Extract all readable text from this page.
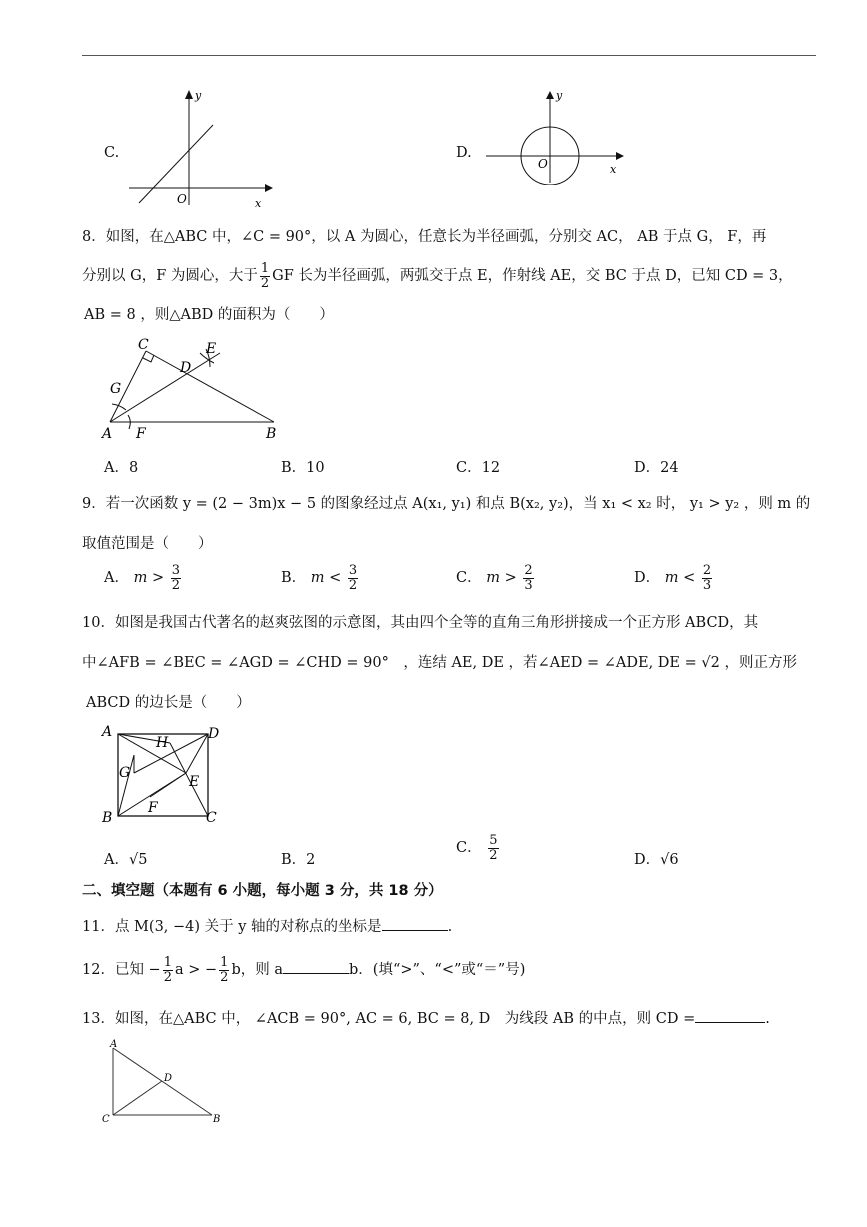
C.
y
x
O
D.
y
x
O
8．如图，在△ABC 中，∠C = 90°，以 A 为圆心，任意长为半径画弧，分别交 AC， AB 于点 G， F，再
分别以 G，F 为圆心，大于 $\frac{1}{2}$ GF 长为半径画弧，两弧交于点 E，作射线 AE，交 BC 于点 D，已知 CD = 3，
AB = 8 ，则△ABD 的面积为（　　）
C
D
E
G
A F	B
A．8	B．10	C．12	D．24
9．若一次函数 y = (2 − 3m)x − 5 的图象经过点 A(x₁, y₁) 和点 B(x₂, y₂)，当 x₁ < x₂ 时， y₁ > y₂ ，则 m 的
取值范围是（　　）
A． $m > \frac{3}{2}$	B． $m < \frac{3}{2}$	C． $m > \frac{2}{3}$	D． $m < \frac{2}{3}$
10．如图是我国古代著名的赵爽弦图的示意图，其由四个全等的直角三角形拼接成一个正方形 ABCD，其
中∠AFB = ∠BEC = ∠AGD = ∠CHD = 90°　，连结 AE, DE ，若∠AED = ∠ADE, DE = √2 ，则正方形
ABCD 的边长是（　　）
A	D
H
G
E
B
F
C
A．√5	B．2
C． $\frac{5}{2}$	D．√6
二、填空题（本题有 6 小题，每小题 3 分，共 18 分）
11．点 M(3, −4) 关于 y 轴的对称点的坐标是	.
12．已知 − $\frac{1}{2}$ a > − $\frac{1}{2}$ b，则 a	b．(填“>”、“<”或“＝”号)
13．如图，在△ABC 中， ∠ACB = 90°, AC = 6, BC = 8, D　为线段 AB 的中点，则 CD =	.
A
D
C	B
